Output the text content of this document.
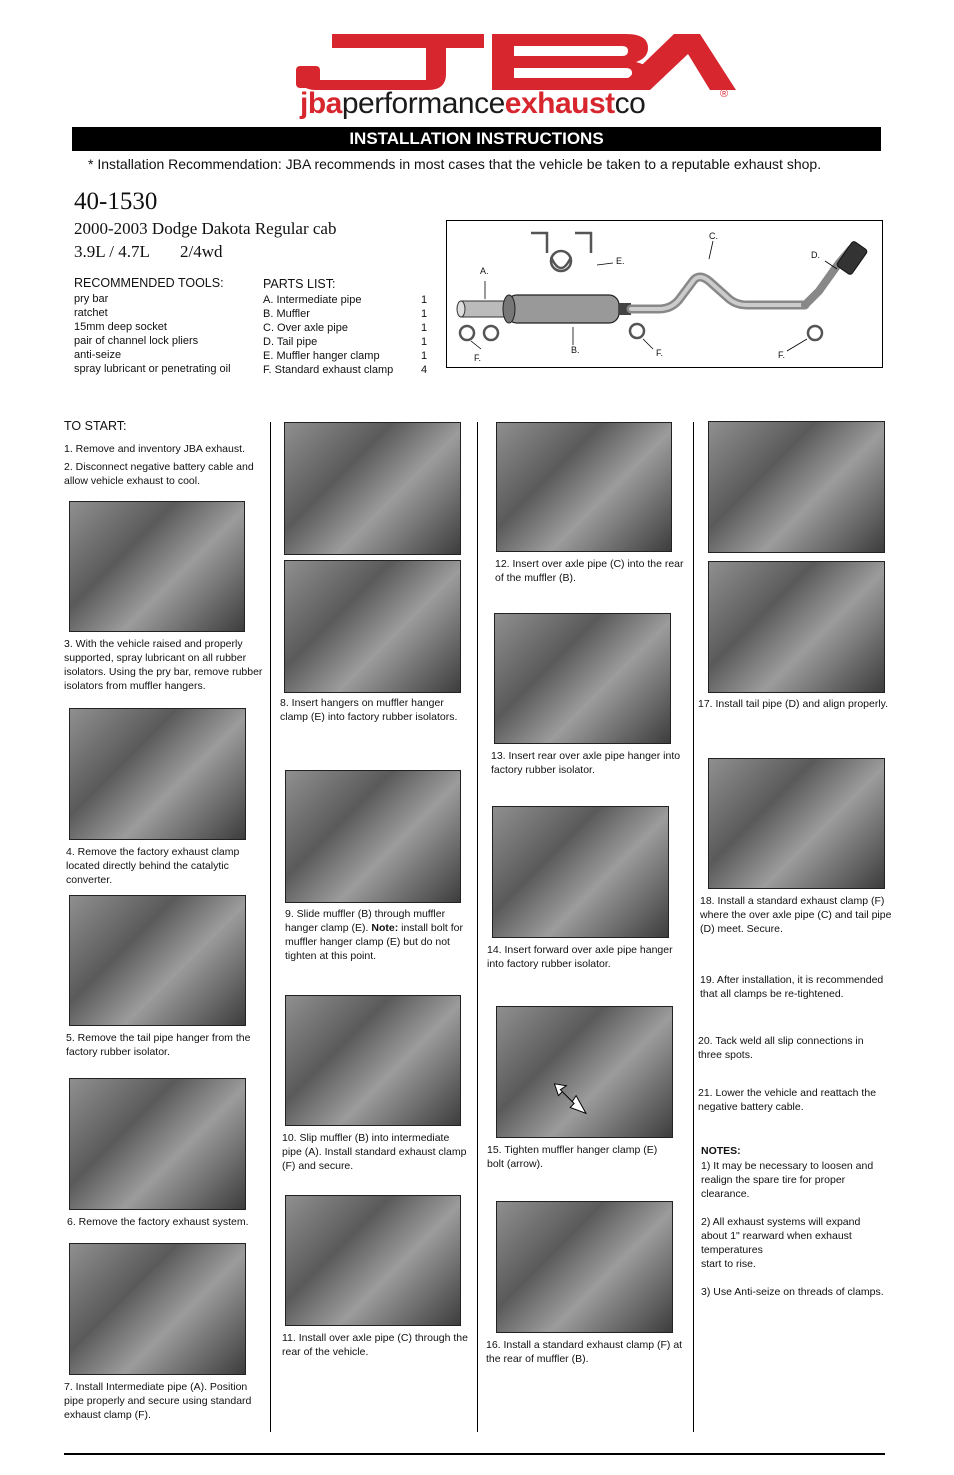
jbaperformanceexhaustco	®
INSTALLATION INSTRUCTIONS
* Installation Recommendation: JBA recommends in most cases that the vehicle be taken to a reputable exhaust shop.
40-1530
2000-2003 Dodge Dakota Regular cab
3.9L / 4.7L 2/4wd
RECOMMENDED TOOLS:
pry bar
ratchet
15mm deep socket
pair of channel lock pliers
anti-seize
spray lubricant or penetrating oil
PARTS LIST:
A. Intermediate pipe	1
B. Muffler	1
C. Over axle pipe	1
D. Tail pipe	1
E. Muffler hanger clamp	1
F. Standard exhaust clamp	4
A.
B.
C.
D.
E.
F.	F.	F.
TO START:
1. Remove and inventory JBA exhaust.
2. Disconnect negative battery cable and allow vehicle exhaust to cool.
3. With the vehicle raised and properly supported, spray lubricant on all rubber isolators. Using the pry bar, remove rubber isolators from muffler hangers.
4. Remove the factory exhaust clamp located directly behind the catalytic converter.
5. Remove the tail pipe hanger from the factory rubber isolator.
6. Remove the factory exhaust system.
7. Install Intermediate pipe (A). Position pipe properly and secure using standard exhaust clamp (F).
8. Insert hangers on muffler hanger clamp (E) into factory rubber isolators.
9. Slide muffler (B) through muffler hanger clamp (E). Note: install bolt for muffler hanger clamp (E) but do not tighten at this point.
10. Slip muffler (B) into intermediate pipe (A). Install standard exhaust clamp (F) and secure.
11. Install over axle pipe (C) through the rear of the vehicle.
12. Insert over axle pipe (C) into the rear of the muffler (B).
13. Insert rear over axle pipe hanger into factory rubber isolator.
14. Insert forward over axle pipe hanger into factory rubber isolator.
15. Tighten muffler hanger clamp (E) bolt (arrow).
16. Install a standard exhaust clamp (F) at the rear of muffler (B).
17. Install tail pipe (D) and align properly.
18. Install a standard exhaust clamp (F) where the over axle pipe (C) and tail pipe (D) meet. Secure.
19. After installation, it is recommended that all clamps be re-tightened.
20. Tack weld all slip connections in three spots.
21. Lower the vehicle and reattach the negative battery cable.
NOTES:
1) It may be necessary to loosen and realign the spare tire for proper clearance.
2) All exhaust systems will expand about 1" rearward when exhaust temperatures
start to rise.
3) Use Anti-seize on threads of clamps.
